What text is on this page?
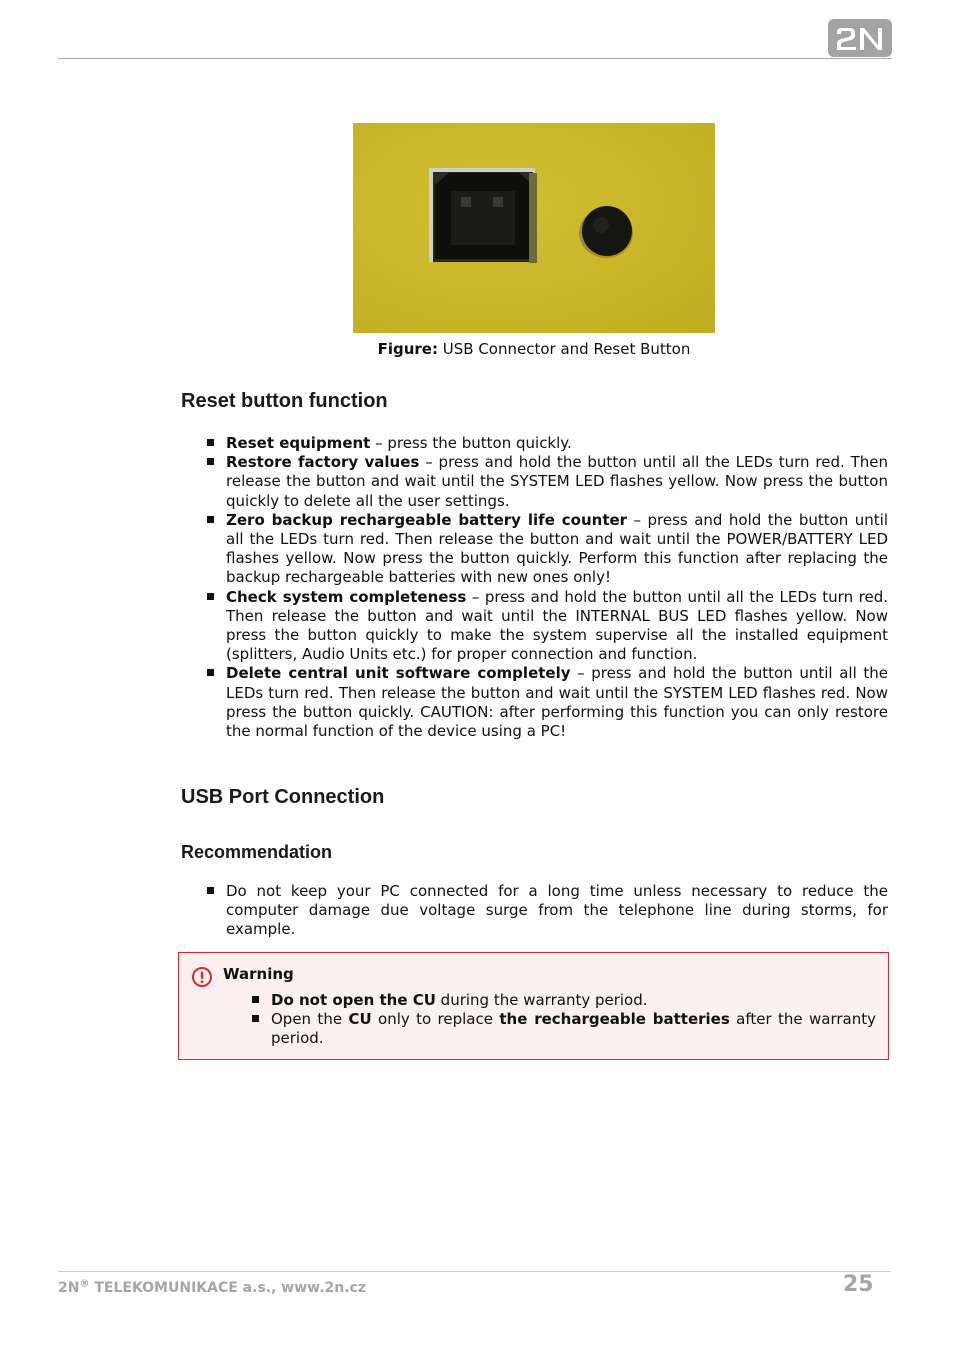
Figure: USB Connector and Reset Button
Reset button function
Reset equipment – press the button quickly.
Restore factory values – press and hold the button until all the LEDs turn red. Then release the button and wait until the SYSTEM LED flashes yellow. Now press the button quickly to delete all the user settings.
Zero backup rechargeable battery life counter – press and hold the button until all the LEDs turn red. Then release the button and wait until the POWER/BATTERY LED flashes yellow. Now press the button quickly. Perform this function after replacing the backup rechargeable batteries with new ones only!
Check system completeness – press and hold the button until all the LEDs turn red. Then release the button and wait until the INTERNAL BUS LED flashes yellow. Now press the button quickly to make the system supervise all the installed equipment (splitters, Audio Units etc.) for proper connection and function.
Delete central unit software completely – press and hold the button until all the LEDs turn red. Then release the button and wait until the SYSTEM LED flashes red. Now press the button quickly. CAUTION: after performing this function you can only restore the normal function of the device using a PC!
USB Port Connection
Recommendation
Do not keep your PC connected for a long time unless necessary to reduce the computer damage due voltage surge from the telephone line during storms, for example.
Warning
Do not open the CU during the warranty period.
Open the CU only to replace the rechargeable batteries after the warranty period.
2N® TELEKOMUNIKACE a.s., www.2n.cz	25
